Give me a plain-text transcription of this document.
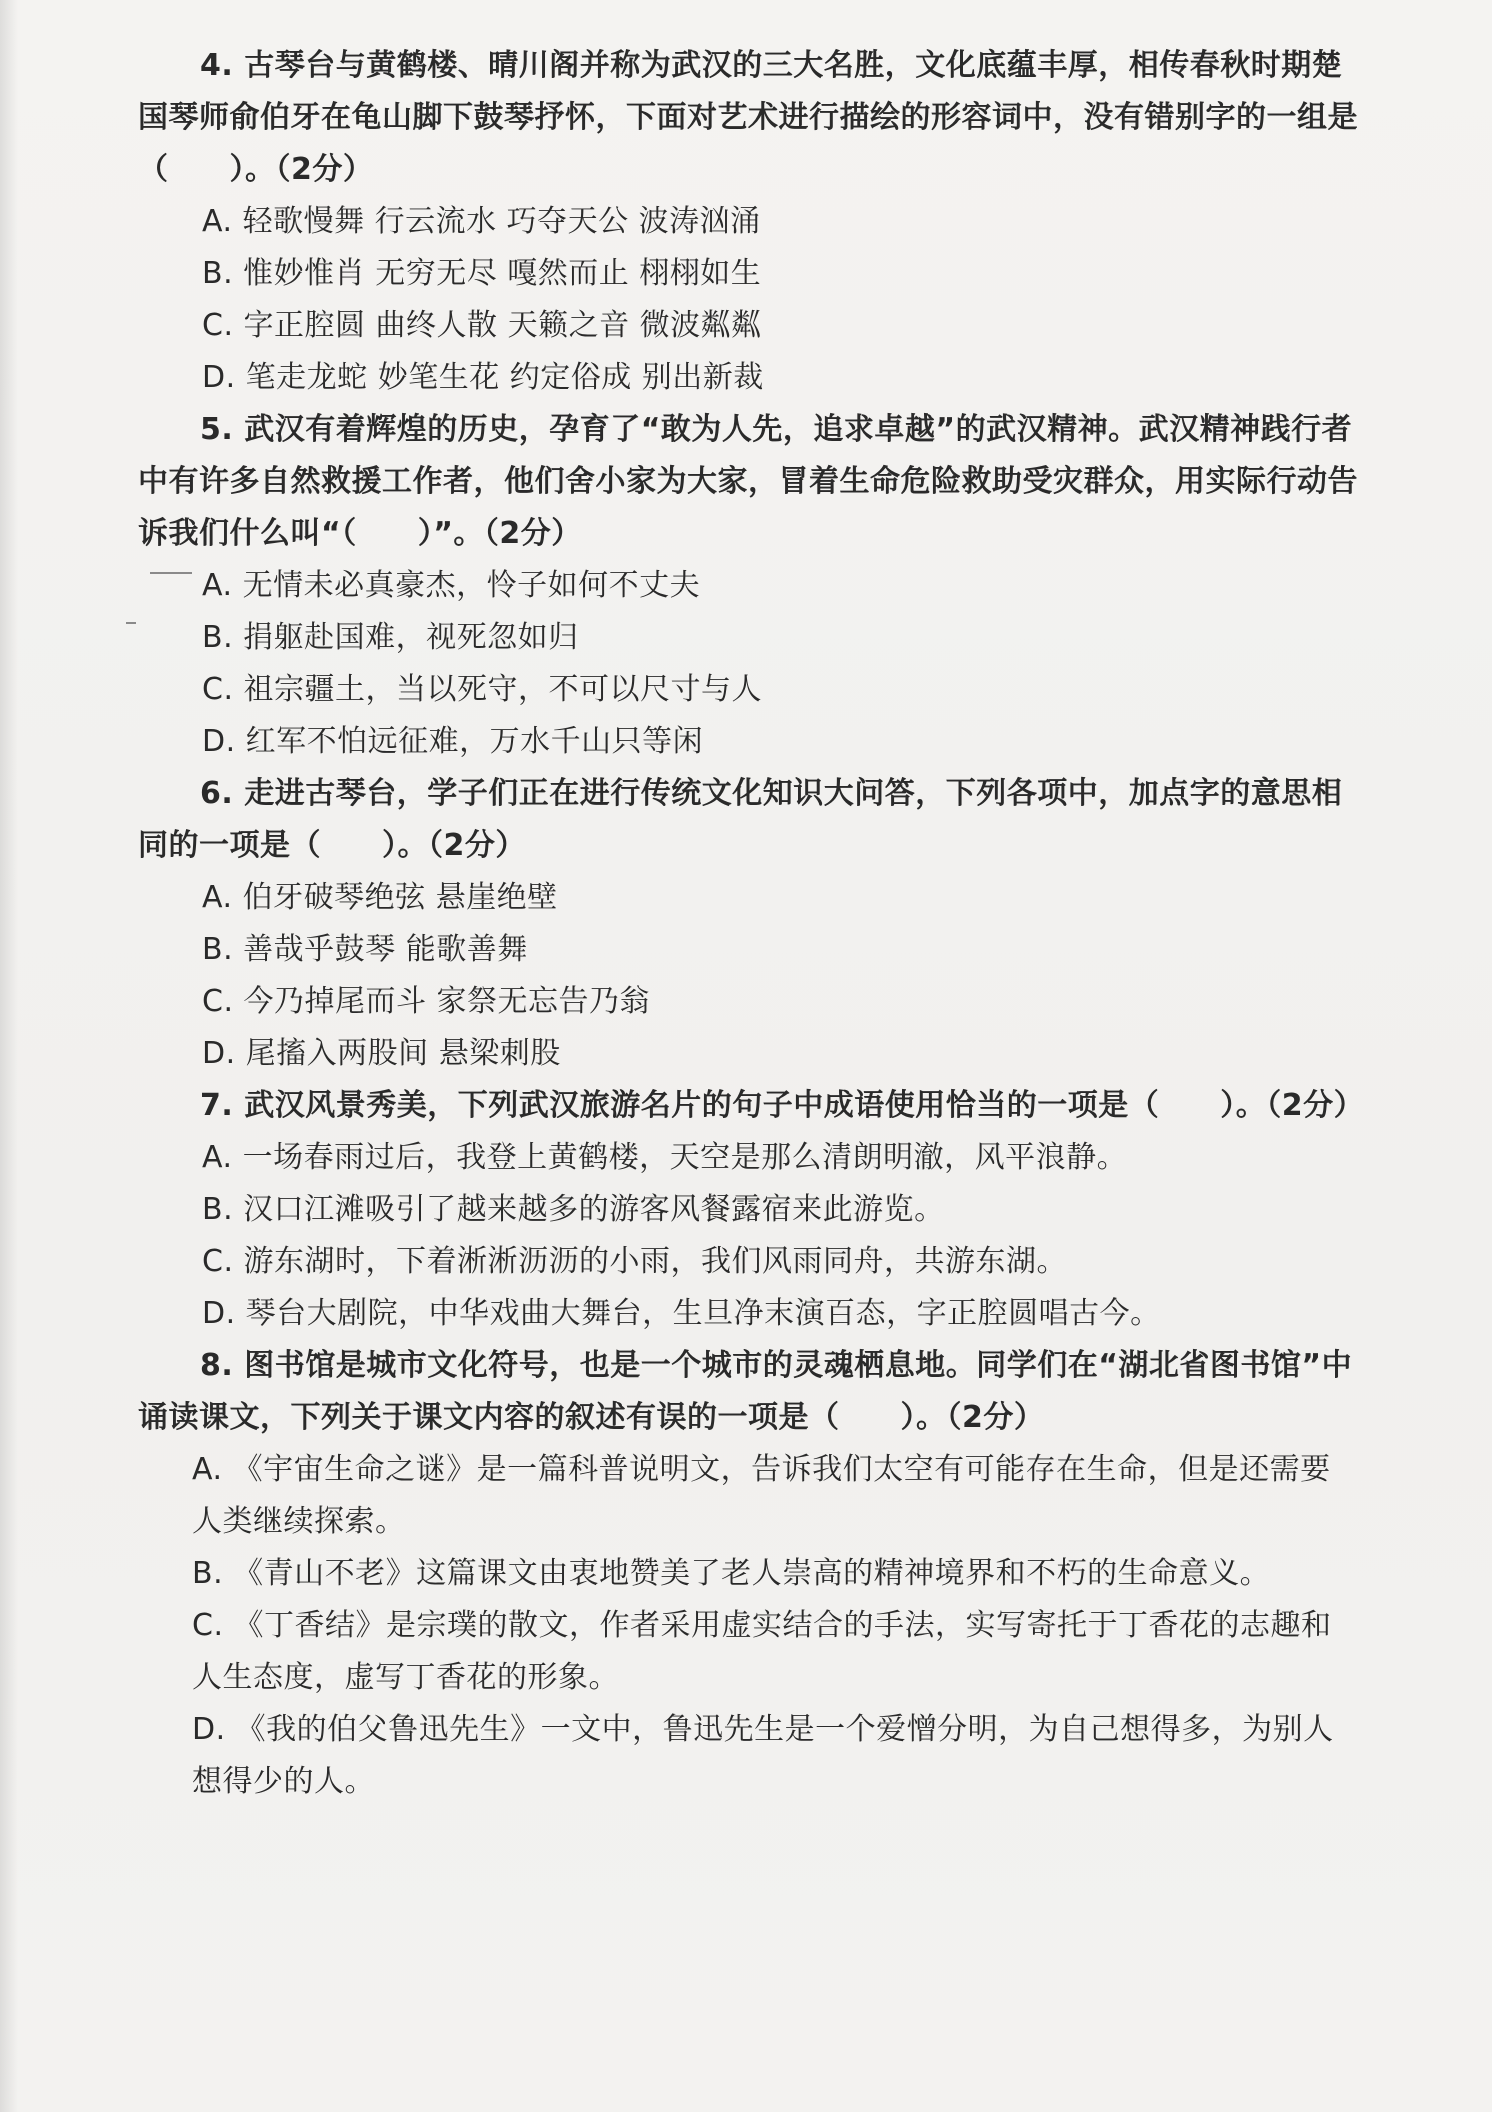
4. 古琴台与黄鹤楼、晴川阁并称为武汉的三大名胜，文化底蕴丰厚，相传春秋时期楚国琴师俞伯牙在龟山脚下鼓琴抒怀，下面对艺术进行描绘的形容词中，没有错别字的一组是（　　）。（2分）

A. 轻歌慢舞 行云流水 巧夺天公 波涛汹涌

B. 惟妙惟肖 无穷无尽 嘎然而止 栩栩如生

C. 字正腔圆 曲终人散 天籁之音 微波粼粼

D. 笔走龙蛇 妙笔生花 约定俗成 别出新裁

5. 武汉有着辉煌的历史，孕育了“敢为人先，追求卓越”的武汉精神。武汉精神践行者中有许多自然救援工作者，他们舍小家为大家，冒着生命危险救助受灾群众，用实际行动告诉我们什么叫“（　　）”。（2分）

A. 无情未必真豪杰，怜子如何不丈夫

B. 捐躯赴国难，视死忽如归

C. 祖宗疆土，当以死守，不可以尺寸与人

D. 红军不怕远征难，万水千山只等闲

6. 走进古琴台，学子们正在进行传统文化知识大问答，下列各项中，加点字的意思相同的一项是（　　）。（2分）

A. 伯牙破琴绝弦 悬崖绝壁

B. 善哉乎鼓琴 能歌善舞

C. 今乃掉尾而斗 家祭无忘告乃翁

D. 尾搐入两股间 悬梁刺股

7. 武汉风景秀美，下列武汉旅游名片的句子中成语使用恰当的一项是（　　）。（2分）

A. 一场春雨过后，我登上黄鹤楼，天空是那么清朗明澈，风平浪静。

B. 汉口江滩吸引了越来越多的游客风餐露宿来此游览。

C. 游东湖时，下着淅淅沥沥的小雨，我们风雨同舟，共游东湖。

D. 琴台大剧院，中华戏曲大舞台，生旦净末演百态，字正腔圆唱古今。

8. 图书馆是城市文化符号，也是一个城市的灵魂栖息地。同学们在“湖北省图书馆”中诵读课文，下列关于课文内容的叙述有误的一项是（　　）。（2分）

A. 《宇宙生命之谜》是一篇科普说明文，告诉我们太空有可能存在生命，但是还需要人类继续探索。

B. 《青山不老》这篇课文由衷地赞美了老人崇高的精神境界和不朽的生命意义。

C. 《丁香结》是宗璞的散文，作者采用虚实结合的手法，实写寄托于丁香花的志趣和人生态度，虚写丁香花的形象。

D. 《我的伯父鲁迅先生》一文中，鲁迅先生是一个爱憎分明，为自己想得多，为别人想得少的人。
